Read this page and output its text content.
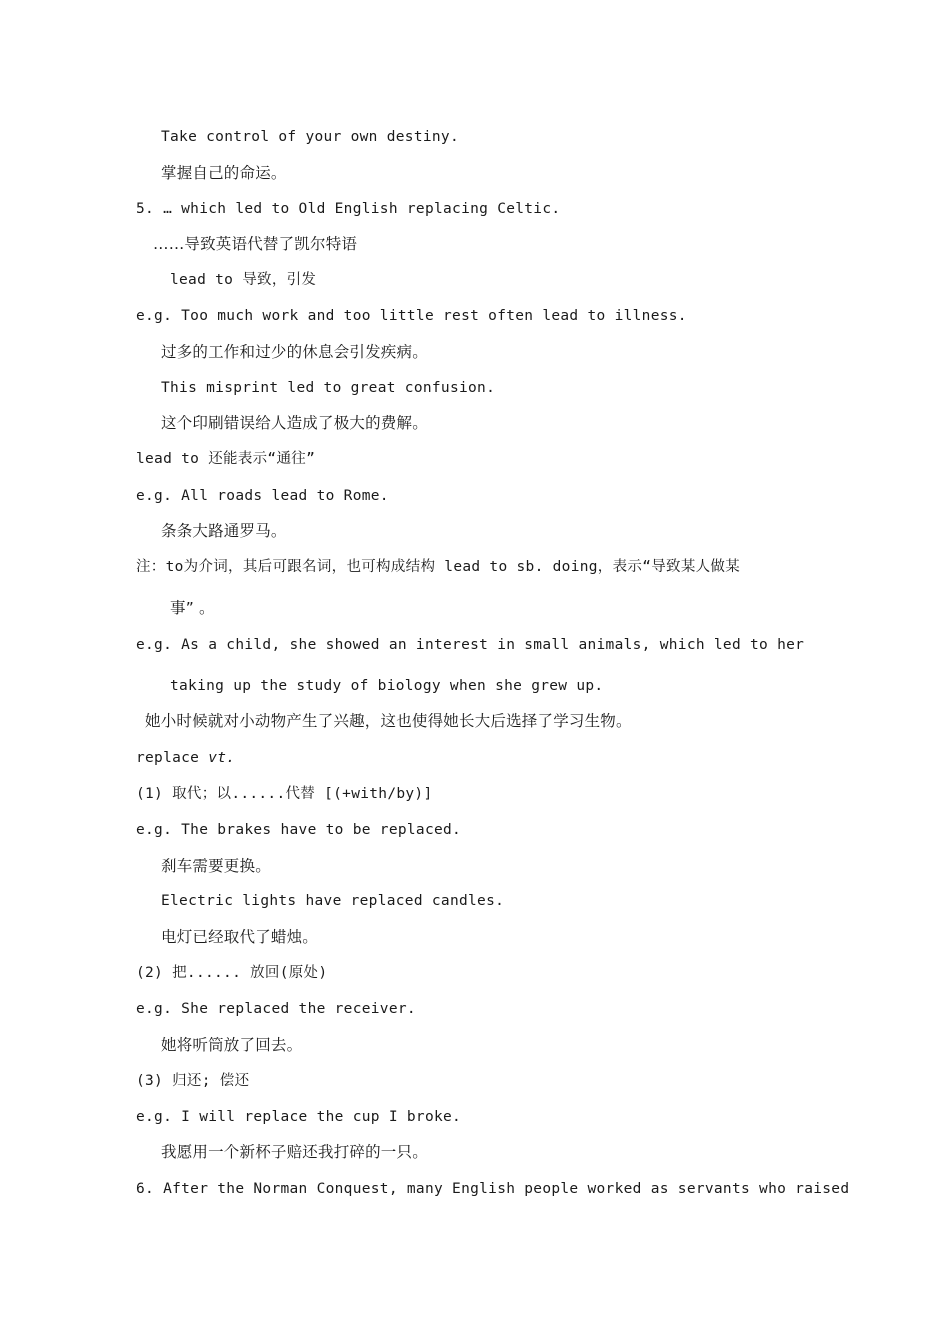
Take control of your own destiny.
掌握自己的命运。
5. … which led to Old English replacing Celtic.
……导致英语代替了凯尔特语
lead to 导致，引发
e.g. Too much work and too little rest often lead to illness.
过多的工作和过少的休息会引发疾病。
This misprint led to great confusion.
这个印刷错误给人造成了极大的费解。
lead to 还能表示“通往”
e.g. All roads lead to Rome.
条条大路通罗马。
注：to为介词，其后可跟名词，也可构成结构 lead to sb. doing，表示“导致某人做某
事” 。
e.g. As a child, she showed an interest in small animals, which led to her
taking up the study of biology when she grew up.
她小时候就对小动物产生了兴趣，这也使得她长大后选择了学习生物。
replace vt.
(1) 取代；以......代替 [(+with/by)]
e.g. The brakes have to be replaced.
刹车需要更换。
Electric lights have replaced candles.
电灯已经取代了蜡烛。
(2) 把...... 放回(原处)
e.g. She replaced the receiver.
她将听筒放了回去。
(3) 归还; 偿还
e.g. I will replace the cup I broke.
我愿用一个新杯子赔还我打碎的一只。
6. After the Norman Conquest, many English people worked as servants who raised
